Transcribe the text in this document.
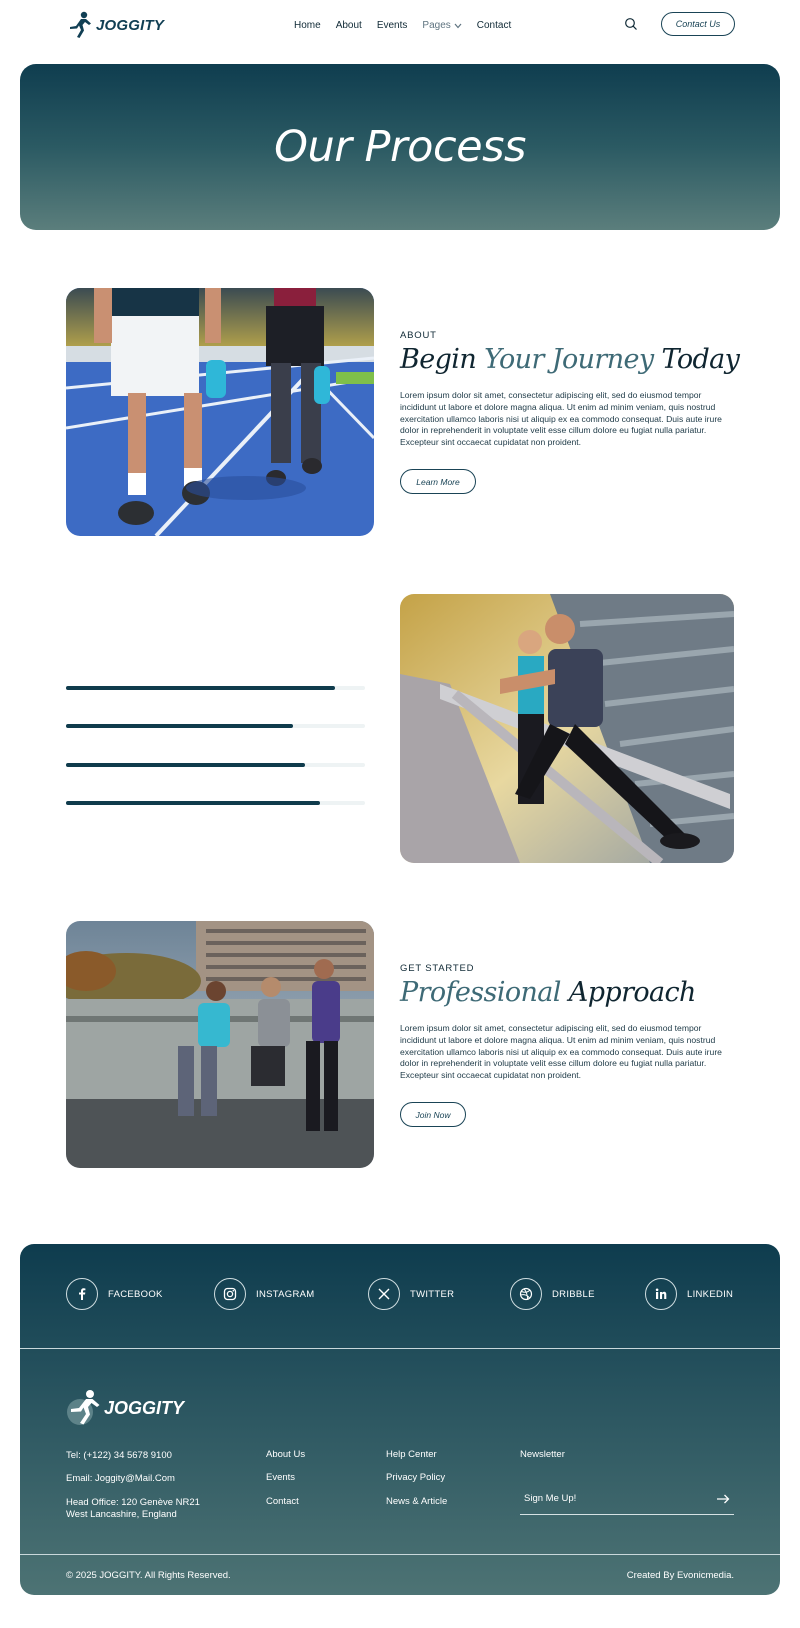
JOGGITY	Home About Events Pages	Contact	Contact Us
Our Process
ABOUT
Begin Your Journey Today

Lorem ipsum dolor sit amet, consectetur adipiscing elit, sed do eiusmod tempor incididunt ut labore et dolore magna aliqua. Ut enim ad minim veniam, quis nostrud exercitation ullamco laboris nisi ut aliquip ex ea commodo consequat. Duis aute irure dolor in reprehenderit in voluptate velit esse cillum dolore eu fugiat nulla pariatur. Excepteur sint occaecat cupidatat non proident.

Learn More
GET STARTED
Professional Approach

Lorem ipsum dolor sit amet, consectetur adipiscing elit, sed do eiusmod tempor incididunt ut labore et dolore magna aliqua. Ut enim ad minim veniam, quis nostrud exercitation ullamco laboris nisi ut aliquip ex ea commodo consequat. Duis aute irure dolor in reprehenderit in voluptate velit esse cillum dolore eu fugiat nulla pariatur. Excepteur sint occaecat cupidatat non proident.

Join Now
FACEBOOK	INSTAGRAM	TWITTER	DRIBBLE	LINKEDIN
JOGGITY
Tel: (+122) 34 5678 9100
Email: Joggity@Mail.Com
Head Office: 120 Genève NR21
West Lancashire, England
About Us
Events
Contact
Help Center
Privacy Policy
News & Article
Newsletter
Sign Me Up!
© 2025 JOGGITY. All Rights Reserved.	Created By Evonicmedia.
